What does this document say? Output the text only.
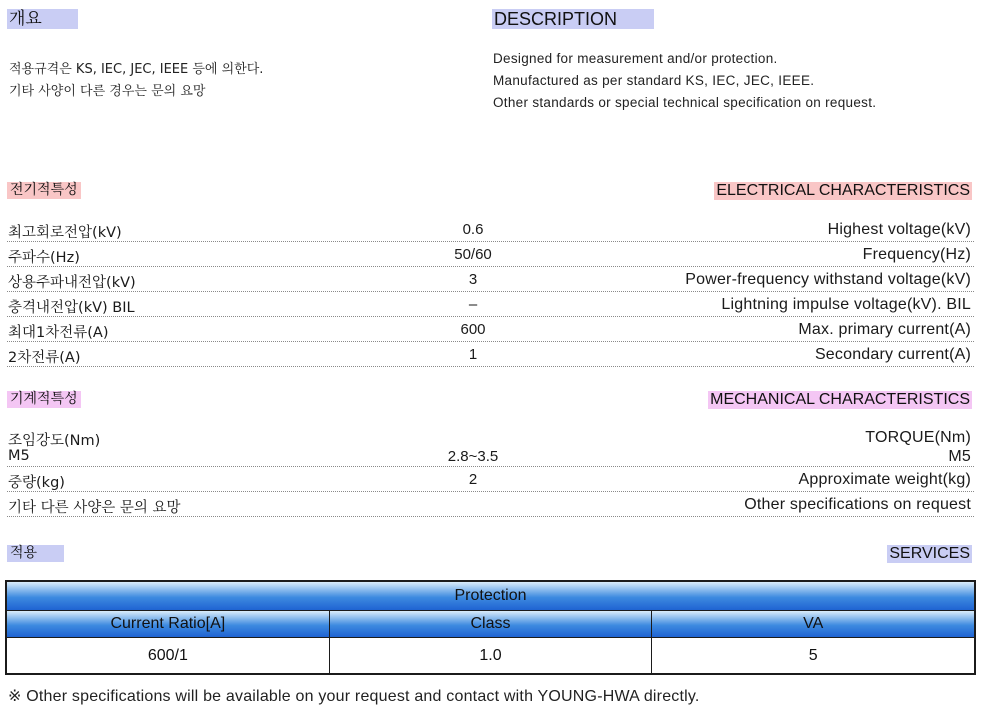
개요	DESCRIPTION
적용규격은 KS, IEC, JEC, IEEE 등에 의한다.
기타 사양이 다른 경우는 문의 요망
Designed for measurement and/or protection.
Manufactured as per standard KS, IEC, JEC, IEEE.
Other standards or special technical specification on request.
전기적특성	ELECTRICAL CHARACTERISTICS
최고회로전압(kV)	0.6	Highest voltage(kV)
주파수(Hz)	50/60	Frequency(Hz)
상용주파내전압(kV)	3	Power-frequency withstand voltage(kV)
충격내전압(kV) BIL	–	Lightning impulse voltage(kV). BIL
최대1차전류(A)	600	Max. primary current(A)
2차전류(A)	1	Secondary current(A)
기계적특성	MECHANICAL CHARACTERISTICS
조임강도(Nm)	TORQUE(Nm)
M5	2.8~3.5	M5
중량(kg)	2	Approximate weight(kg)
기타 다른 사양은 문의 요망	Other specifications on request
적용	SERVICES
Protection
Current Ratio[A]	Class	VA
600/1	1.0	5
※ Other specifications will be available on your request and contact with YOUNG-HWA directly.
